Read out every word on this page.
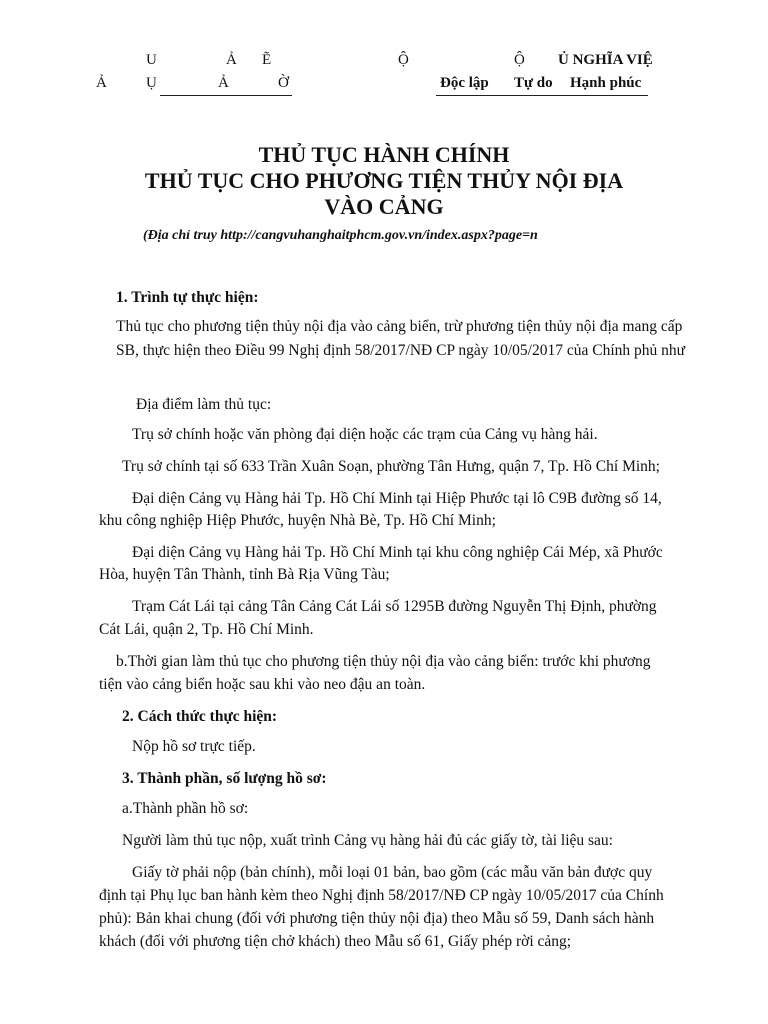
U	Ả Ẽ
Ả	Ụ	Ả	Ờ
Ộ	Ộ Ủ NGHĨA VIỆ
Độc lập Tự do Hạnh phúc
THỦ TỤC HÀNH CHÍNH
THỦ TỤC CHO PHƯƠNG TIỆN THỦY NỘI ĐỊA
VÀO CẢNG
(Địa chỉ truy http://cangvuhanghaitphcm.gov.vn/index.aspx?page=n
1. Trình tự thực hiện:
Thủ tục cho phương tiện thủy nội địa vào cảng biển, trừ phương tiện thủy nội địa mang cấp
SB, thực hiện theo Điều 99 Nghị định 58/2017/NĐ CP ngày 10/05/2017 của Chính phủ như
Địa điểm làm thủ tục:
Trụ sở chính hoặc văn phòng đại diện hoặc các trạm của Cảng vụ hàng hải.
Trụ sở chính tại số 633 Trần Xuân Soạn, phường Tân Hưng, quận 7, Tp. Hồ Chí Minh;
Đại diện Cảng vụ Hàng hải Tp. Hồ Chí Minh tại Hiệp Phước tại lô C9B đường số 14,
khu công nghiệp Hiệp Phước, huyện Nhà Bè, Tp. Hồ Chí Minh;
Đại diện Cảng vụ Hàng hải Tp. Hồ Chí Minh tại khu công nghiệp Cái Mép, xã Phước
Hòa, huyện Tân Thành, tỉnh Bà Rịa Vũng Tàu;
Trạm Cát Lái tại cảng Tân Cảng Cát Lái số 1295B đường Nguyễn Thị Định, phường
Cát Lái, quận 2, Tp. Hồ Chí Minh.
b.Thời gian làm thủ tục cho phương tiện thủy nội địa vào cảng biển: trước khi phương
tiện vào cảng biển hoặc sau khi vào neo đậu an toàn.
2. Cách thức thực hiện:
Nộp hồ sơ trực tiếp.
3. Thành phần, số lượng hồ sơ:
a.Thành phần hồ sơ:
Người làm thủ tục nộp, xuất trình Cảng vụ hàng hải đủ các giấy tờ, tài liệu sau:
Giấy tờ phải nộp (bản chính), mỗi loại 01 bản, bao gồm (các mẫu văn bản được quy
định tại Phụ lục ban hành kèm theo Nghị định 58/2017/NĐ CP ngày 10/05/2017 của Chính
phủ): Bản khai chung (đối với phương tiện thủy nội địa) theo Mẫu số 59, Danh sách hành
khách (đối với phương tiện chở khách) theo Mẫu số 61, Giấy phép rời cảng;
